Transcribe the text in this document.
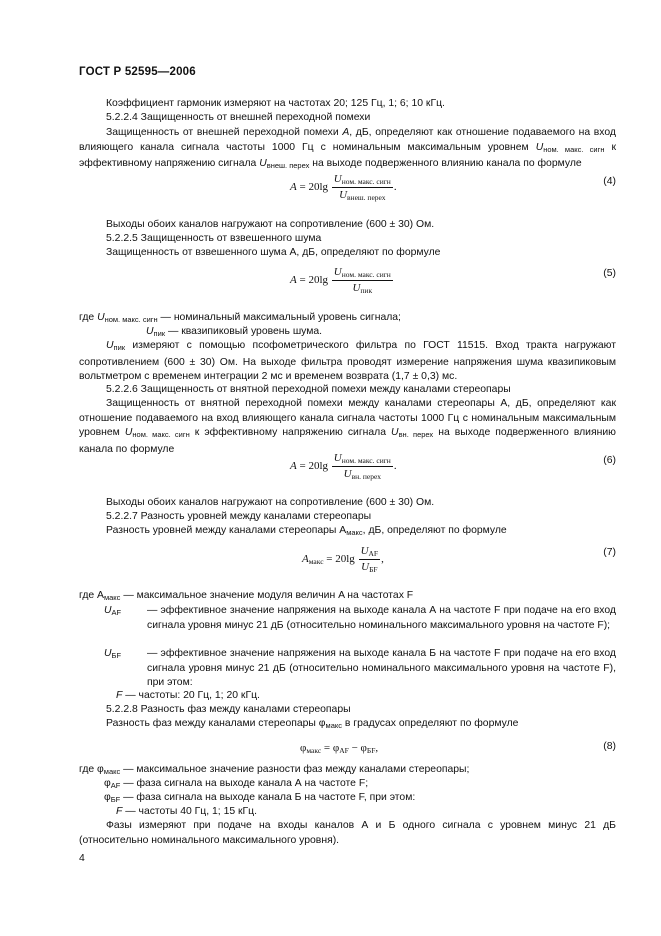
ГОСТ Р 52595—2006
Коэффициент гармоник измеряют на частотах 20; 125 Гц, 1; 6; 10 кГц.
5.2.2.4 Защищенность от внешней переходной помехи
Защищенность от внешней переходной помехи A, дБ, определяют как отношение подаваемого на вход влияющего канала сигнала частоты 1000 Гц с номинальным максимальным уровнем $U_{ном. макс. сигн}$ к эффективному напряжению сигнала $U_{внеш. перех}$ на выходе подверженного влиянию канала по формуле
$A = 20\lg \frac{U_{ном. макс. сигн}}{U_{внеш. перех}}$ .	(4)
Выходы обоих каналов нагружают на сопротивление (600 ± 30) Ом.
5.2.2.5 Защищенность от взвешенного шума
Защищенность от взвешенного шума A, дБ, определяют по формуле
$A = 20\lg \frac{U_{ном. макс. сигн}}{U_{пик}}$	(5)
где $U_{ном. макс. сигн}$ — номинальный максимальный уровень сигнала;
$U_{пик}$ — квазипиковый уровень шума.
$U_{пик}$ измеряют с помощью псофометрического фильтра по ГОСТ 11515. Вход тракта нагружают сопротивлением (600 ± 30) Ом. На выходе фильтра проводят измерение напряжения шума квазипиковым вольтметром с временем интеграции 2 мс и временем возврата (1,7 ± 0,3) мс.
5.2.2.6 Защищенность от внятной переходной помехи между каналами стереопары
Защищенность от внятной переходной помехи между каналами стереопары A, дБ, определяют как отношение подаваемого на вход влияющего канала сигнала частоты 1000 Гц с номинальным максимальным уровнем $U_{ном. макс. сигн}$ к эффективному напряжению сигнала $U_{вн. перех}$ на выходе подверженного влиянию канала по формуле
$A = 20\lg \frac{U_{ном. макс. сигн}}{U_{вн. перех}}$ .	(6)
Выходы обоих каналов нагружают на сопротивление (600 ± 30) Ом.
5.2.2.7 Разность уровней между каналами стереопары
Разность уровней между каналами стереопары $A_{макс}$, дБ, определяют по формуле
$A_{макс} = 20\lg \frac{U_{AF}}{U_{БF}}$ ,
(7)
где $A_{макс}$ — максимальное значение модуля величин A на частотах F
$U_{AF}$ — эффективное значение напряжения на выходе канала А на частоте F при подаче на его вход сигнала уровня минус 21 дБ (относительно номинального максимального уровня на частоте F);
$U_{БF}$ — эффективное значение напряжения на выходе канала Б на частоте F при подаче на его вход сигнала уровня минус 21 дБ (относительно номинального максимального уровня на частоте F), при этом:
F — частоты: 20 Гц, 1; 20 кГц.
5.2.2.8 Разность фаз между каналами стереопары
Разность фаз между каналами стереопары $\varphi_{макс}$ в градусах определяют по формуле
$\varphi_{макс} = \varphi_{AF} - \varphi_{БF}$,	(8)
где $\varphi_{макс}$ — максимальное значение разности фаз между каналами стереопары;
$\varphi_{AF}$ — фаза сигнала на выходе канала А на частоте F;
$\varphi_{БF}$ — фаза сигнала на выходе канала Б на частоте F, при этом:
F — частоты 40 Гц, 1; 15 кГц.
Фазы измеряют при подаче на входы каналов А и Б одного сигнала с уровнем минус 21 дБ (относительно номинального максимального уровня).
4
